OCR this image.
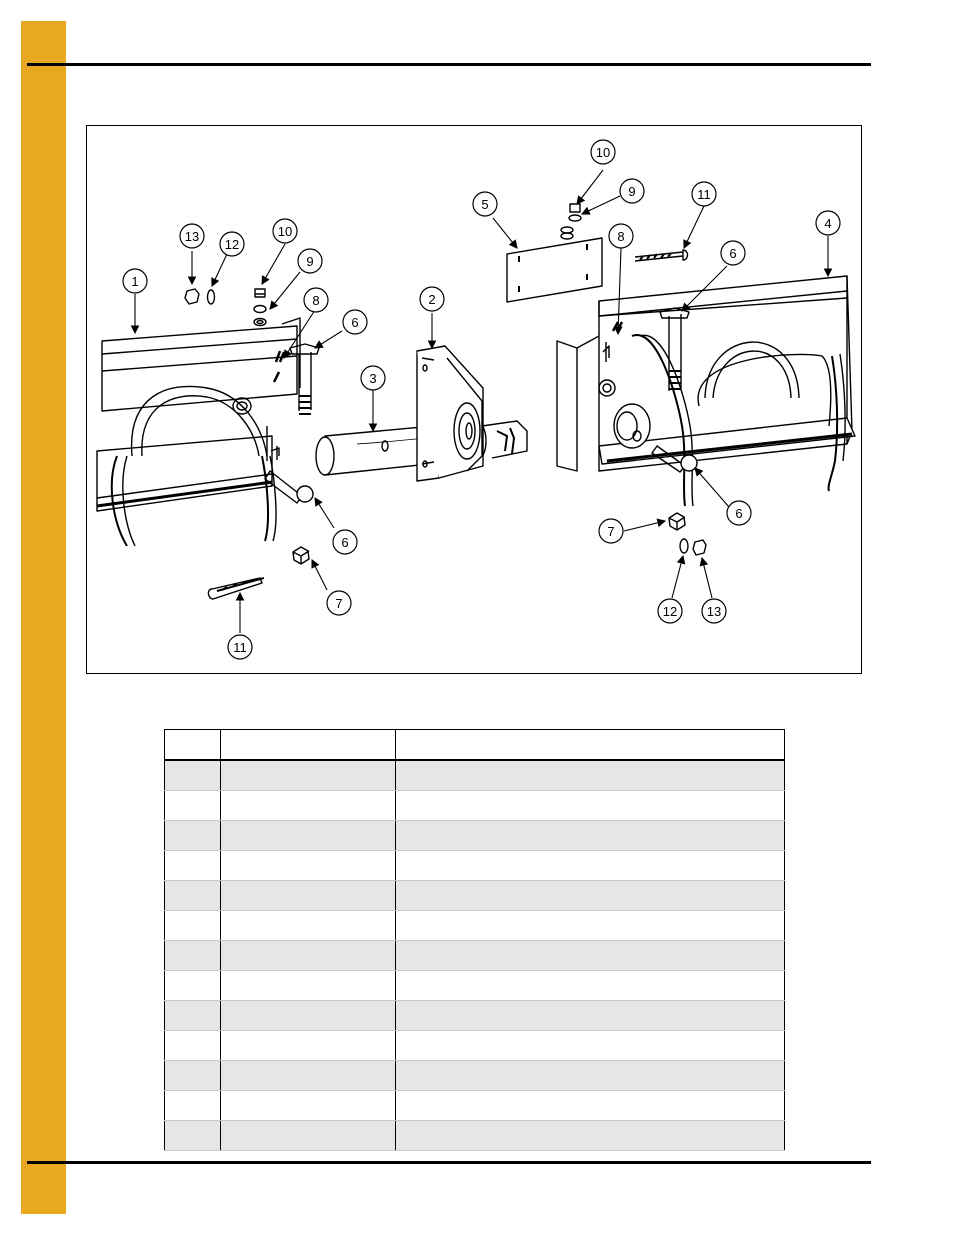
1
13
12
10
9
8
6
3
2
6
7
11
5
10
9
8
11
4
6
6
7
12 13
